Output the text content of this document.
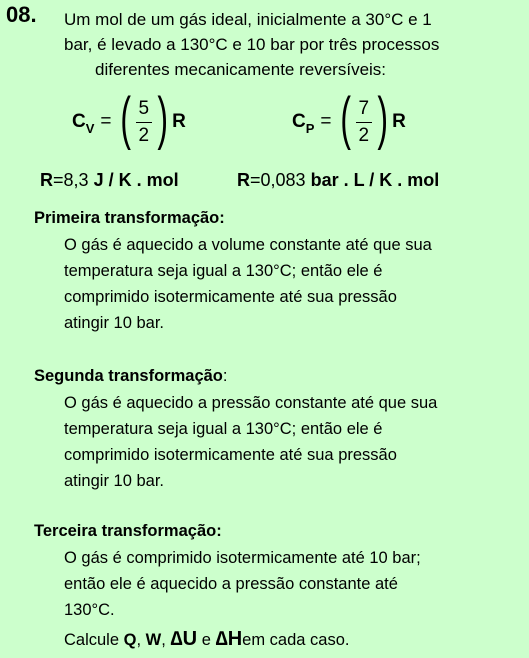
08. Um mol de um gás ideal, inicialmente a 30°C e 1
bar, é levado a 130°C e 10 bar por três processos
diferentes mecanicamente reversíveis:
C V = ( $\frac{5}{2}$ ) R	C P = ( $\frac{7}{2}$ ) R
R=8,3 J / K . mol	R=0,083 bar . L / K . mol
Primeira transformação:
O gás é aquecido a volume constante até que sua
temperatura seja igual a 130°C; então ele é
comprimido isotermicamente até sua pressão
atingir 10 bar.
Segunda transformação:
O gás é aquecido a pressão constante até que sua
temperatura seja igual a 130°C; então ele é
comprimido isotermicamente até sua pressão
atingir 10 bar.
Terceira transformação:
O gás é comprimido isotermicamente até 10 bar;
então ele é aquecido a pressão constante até
130°C.
Calcule Q, W, ∆U e ∆Hem cada caso.
